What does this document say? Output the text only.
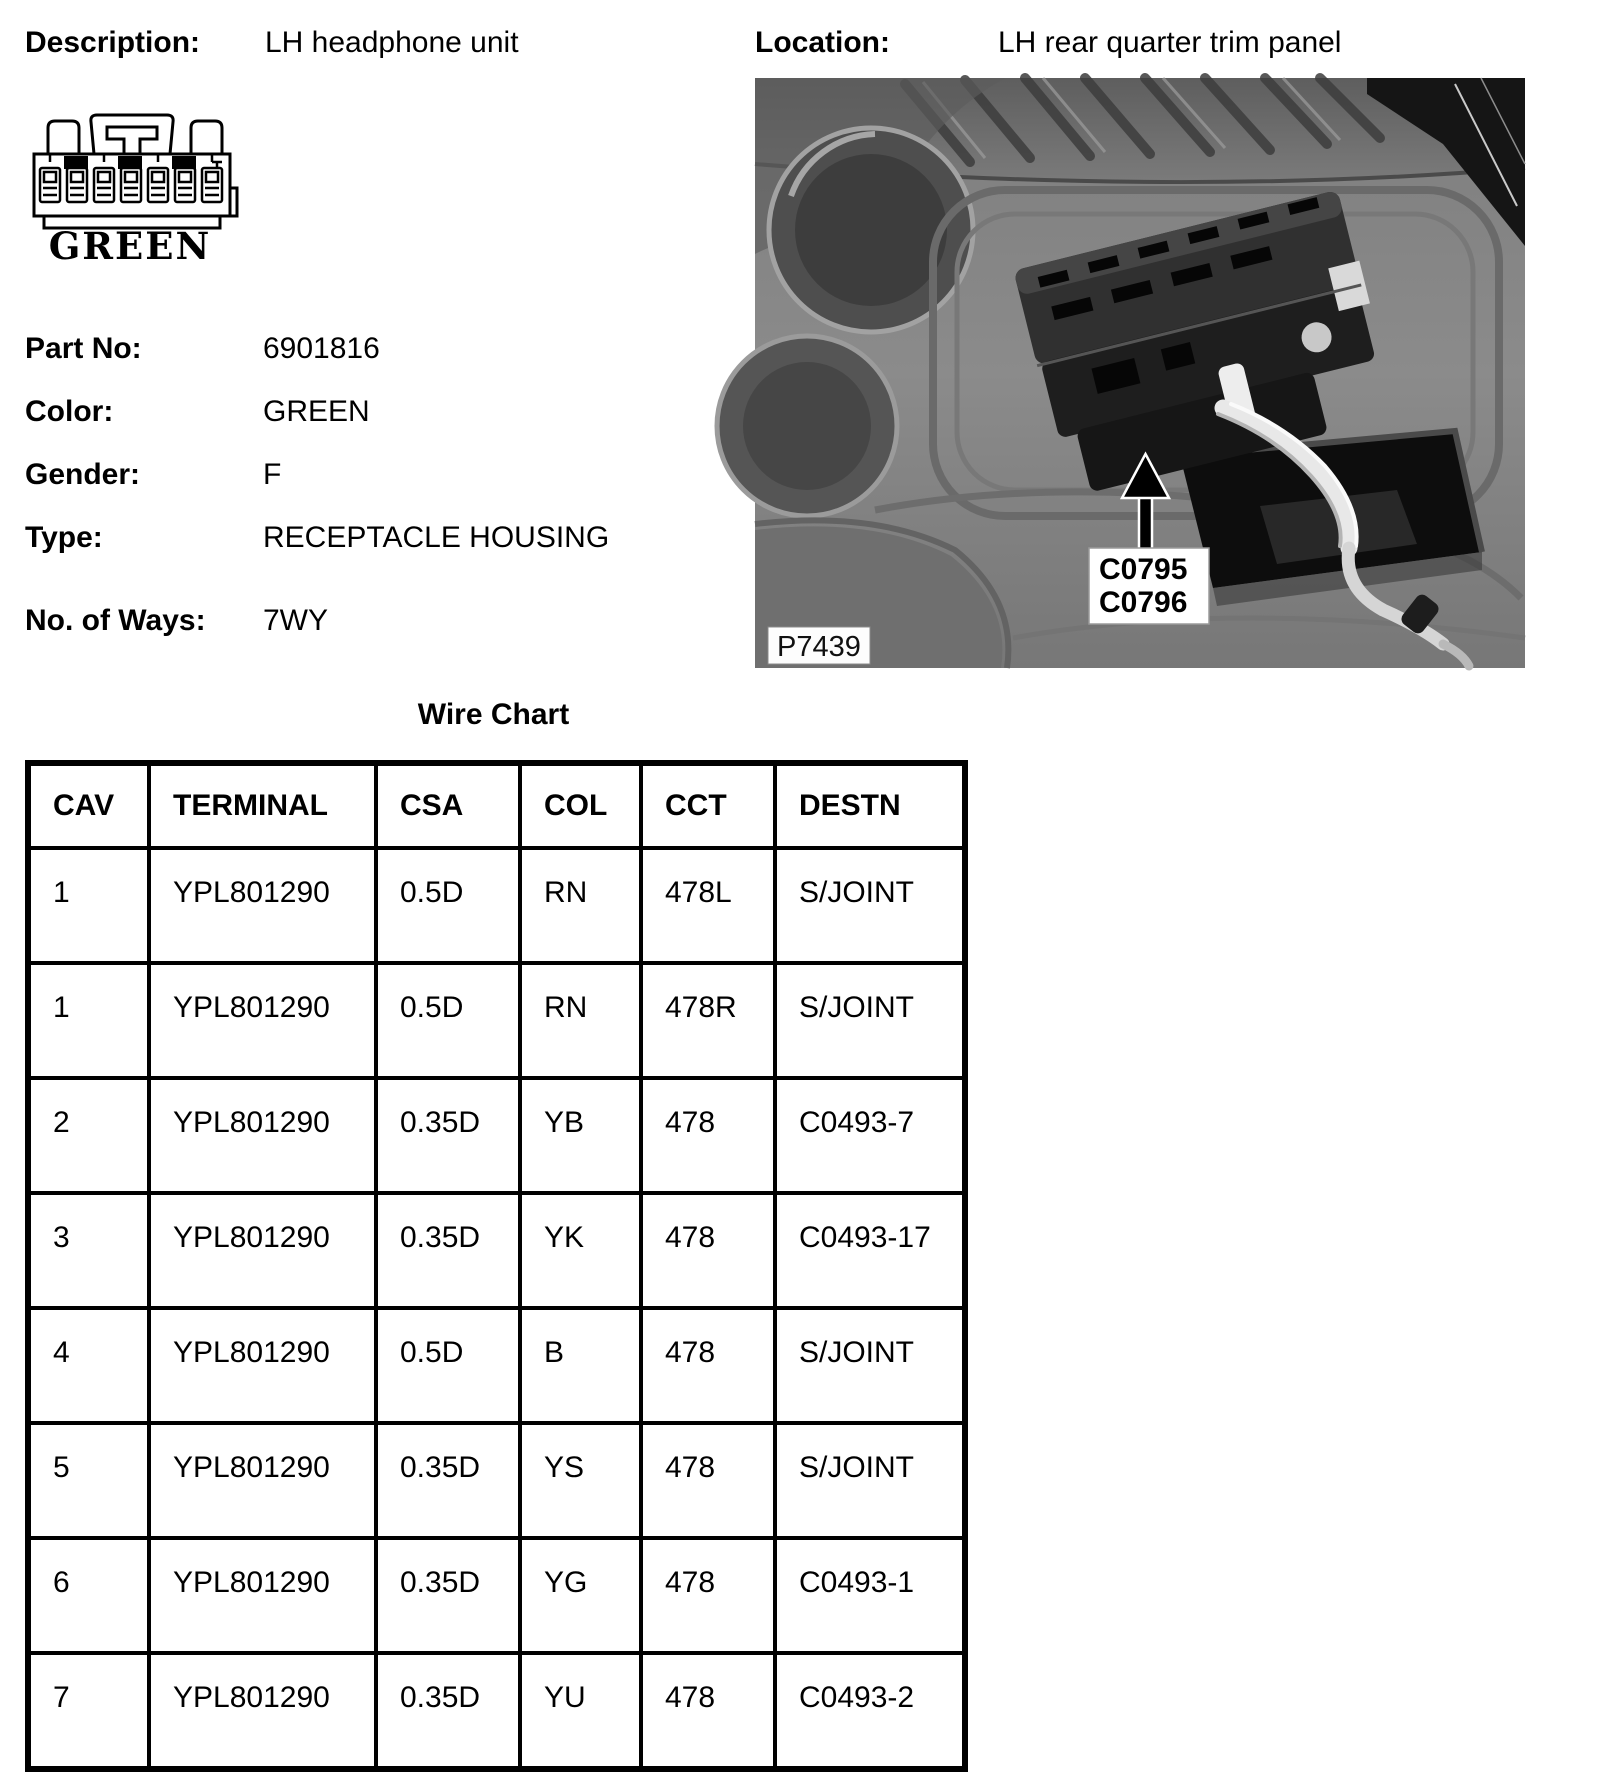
Description: LH headphone unit	Location:	LH rear quarter trim panel
GREEN
Part No:	6901816
Color:	GREEN
Gender:	F
Type:	RECEPTACLE HOUSING
No. of Ways: 7WY
C0795
C0796
P7439
Wire Chart
CAV	TERMINAL	CSA	COL	CCT	DESTN
1	YPL801290	0.5D	RN	478L	S/JOINT
1	YPL801290	0.5D	RN	478R	S/JOINT
2	YPL801290	0.35D	YB	478	C0493-7
3	YPL801290	0.35D	YK	478	C0493-17
4	YPL801290	0.5D	B	478	S/JOINT
5	YPL801290	0.35D	YS	478	S/JOINT
6	YPL801290	0.35D	YG	478	C0493-1
7	YPL801290	0.35D	YU	478	C0493-2
